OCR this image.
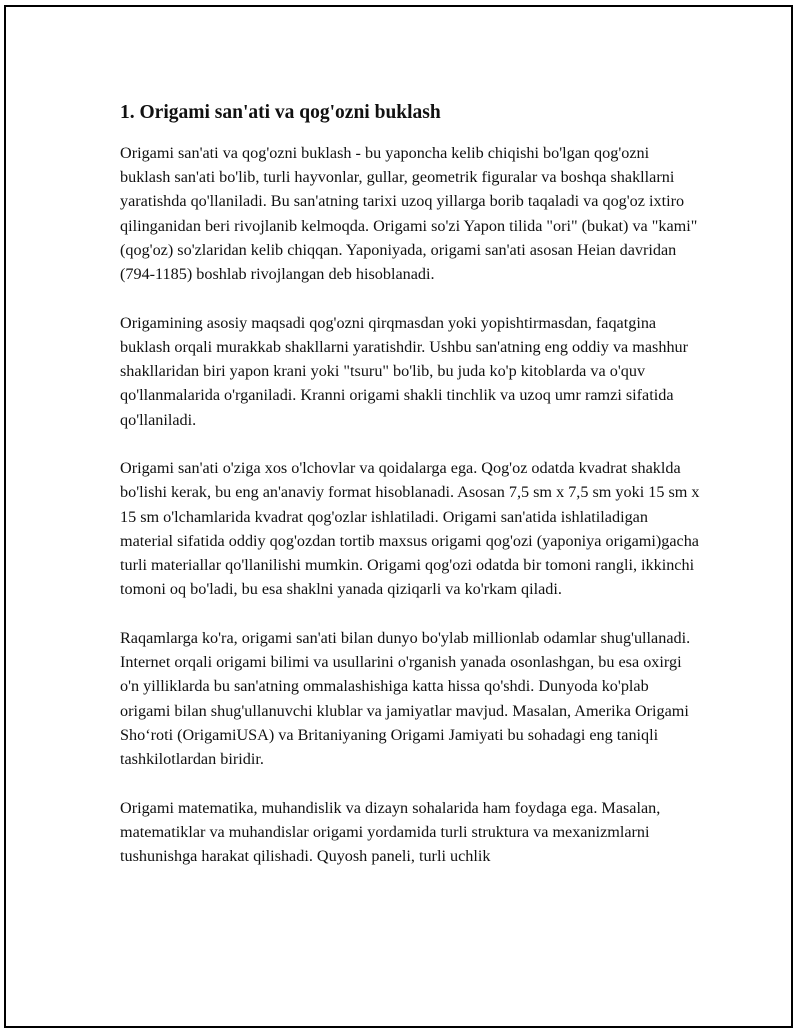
1. Origami san'ati va qog'ozni buklash

Origami san'ati va qog'ozni buklash - bu yaponcha kelib chiqishi bo'lgan qog'ozni buklash san'ati bo'lib, turli hayvonlar, gullar, geometrik figuralar va boshqa shakllarni yaratishda qo'llaniladi. Bu san'atning tarixi uzoq yillarga borib taqaladi va qog'oz ixtiro qilinganidan beri rivojlanib kelmoqda. Origami so'zi Yapon tilida "ori" (bukat) va "kami" (qog'oz) so'zlaridan kelib chiqqan. Yaponiyada, origami san'ati asosan Heian davridan (794-1185) boshlab rivojlangan deb hisoblanadi.

Origamining asosiy maqsadi qog'ozni qirqmasdan yoki yopishtirmasdan, faqatgina buklash orqali murakkab shakllarni yaratishdir. Ushbu san'atning eng oddiy va mashhur shakllaridan biri yapon krani yoki "tsuru" bo'lib, bu juda ko'p kitoblarda va o'quv qo'llanmalarida o'rganiladi. Kranni origami shakli tinchlik va uzoq umr ramzi sifatida qo'llaniladi.

Origami san'ati o'ziga xos o'lchovlar va qoidalarga ega. Qog'oz odatda kvadrat shaklda bo'lishi kerak, bu eng an'anaviy format hisoblanadi. Asosan 7,5 sm x 7,5 sm yoki 15 sm x 15 sm o'lchamlarida kvadrat qog'ozlar ishlatiladi. Origami san'atida ishlatiladigan material sifatida oddiy qog'ozdan tortib maxsus origami qog'ozi (yaponiya origami)gacha turli materiallar qo'llanilishi mumkin. Origami qog'ozi odatda bir tomoni rangli, ikkinchi tomoni oq bo'ladi, bu esa shaklni yanada qiziqarli va ko'rkam qiladi.

Raqamlarga ko'ra, origami san'ati bilan dunyo bo'ylab millionlab odamlar shug'ullanadi. Internet orqali origami bilimi va usullarini o'rganish yanada osonlashgan, bu esa oxirgi o'n yilliklarda bu san'atning ommalashishiga katta hissa qo'shdi. Dunyoda ko'plab origami bilan shug'ullanuvchi klublar va jamiyatlar mavjud. Masalan, Amerika Origami Sho‘roti (OrigamiUSA) va Britaniyaning Origami Jamiyati bu sohadagi eng taniqli tashkilotlardan biridir.

Origami matematika, muhandislik va dizayn sohalarida ham foydaga ega. Masalan, matematiklar va muhandislar origami yordamida turli struktura va mexanizmlarni tushunishga harakat qilishadi. Quyosh paneli, turli uchlik
